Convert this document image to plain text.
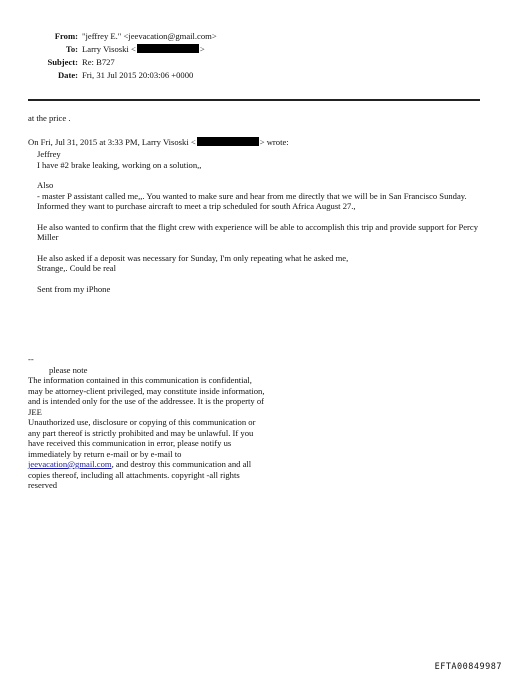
From: "jeffrey E." <jeevacation@gmail.com>
To: Larry Visoski <	>
Subject: Re: B727
Date: Fri, 31 Jul 2015 20:03:06 +0000

at the price .

On Fri, Jul 31, 2015 at 3:33 PM, Larry Visoski <	> wrote:

Jeffrey
I have #2 brake leaking, working on a solution,,

Also
- master P assistant called me,,. You wanted to make sure and hear from me directly that we will be in San Francisco Sunday. Informed they want to purchase aircraft to meet a trip scheduled for south Africa August 27.,

He also wanted to confirm that the flight crew with experience will be able to accomplish this trip and provide support for Percy Miller

He also asked if a deposit was necessary for Sunday, I'm only repeating what he asked me,
Strange,. Could be real

Sent from my iPhone

--

please note

The information contained in this communication is confidential, may be attorney-client privileged, may constitute inside information, and is intended only for the use of the addressee. It is the property of
JEE
Unauthorized use, disclosure or copying of this communication or any part thereof is strictly prohibited and may be unlawful. If you have received this communication in error, please notify us immediately by return e-mail or by e-mail to jeevacation@gmail.com, and destroy this communication and all copies thereof, including all attachments. copyright -all rights reserved

EFTA00849987
